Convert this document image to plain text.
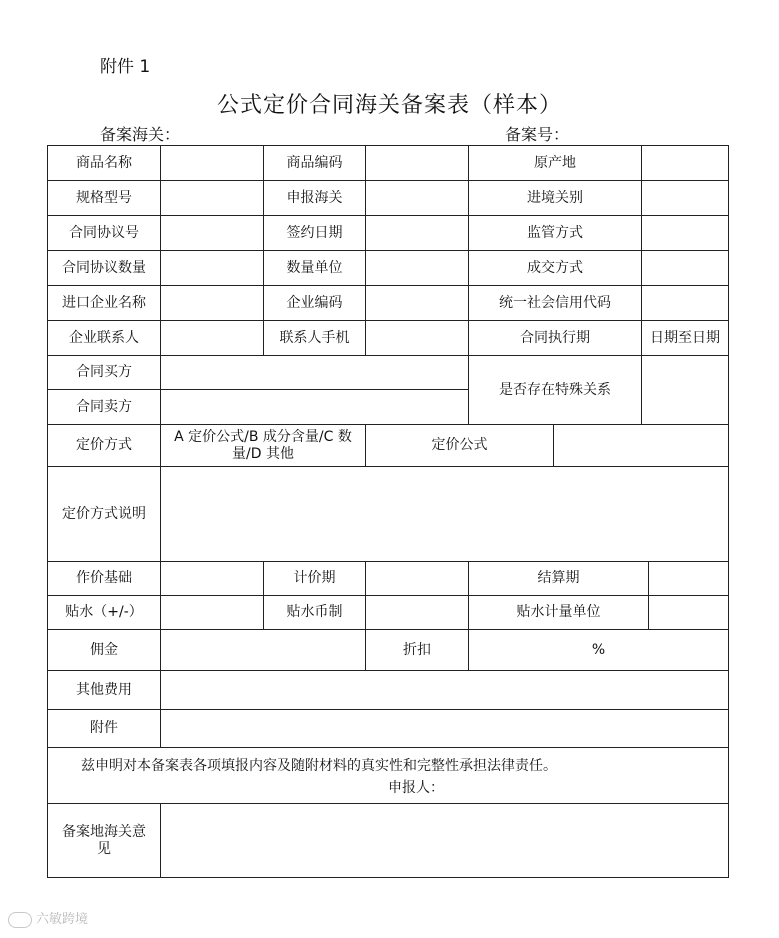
附件 1
公式定价合同海关备案表（样本）
备案海关：	备案号：
商品名称		商品编码		原产地			
规格型号		申报海关		进境关别			
合同协议号		签约日期		监管方式			
合同协议数量		数量单位		成交方式			
进口企业名称		企业编码		统一社会信用代码			
企业联系人		联系人手机		合同执行期		日期至日期	
合同买方				是否存在特殊关系			
合同卖方							
定价方式	A 定价公式/B 成分含量/C 数量/D 其他		定价公式				
定价方式说明							
作价基础		计价期		结算期			
贴水（+/-）		贴水币制		贴水计量单位			
佣金			折扣	%			
其他费用							
附件							

兹申明对本备案表各项填报内容及随附材料的真实性和完整性承担法律责任。
申报人：							

备案地海关意见							
六敏跨境
